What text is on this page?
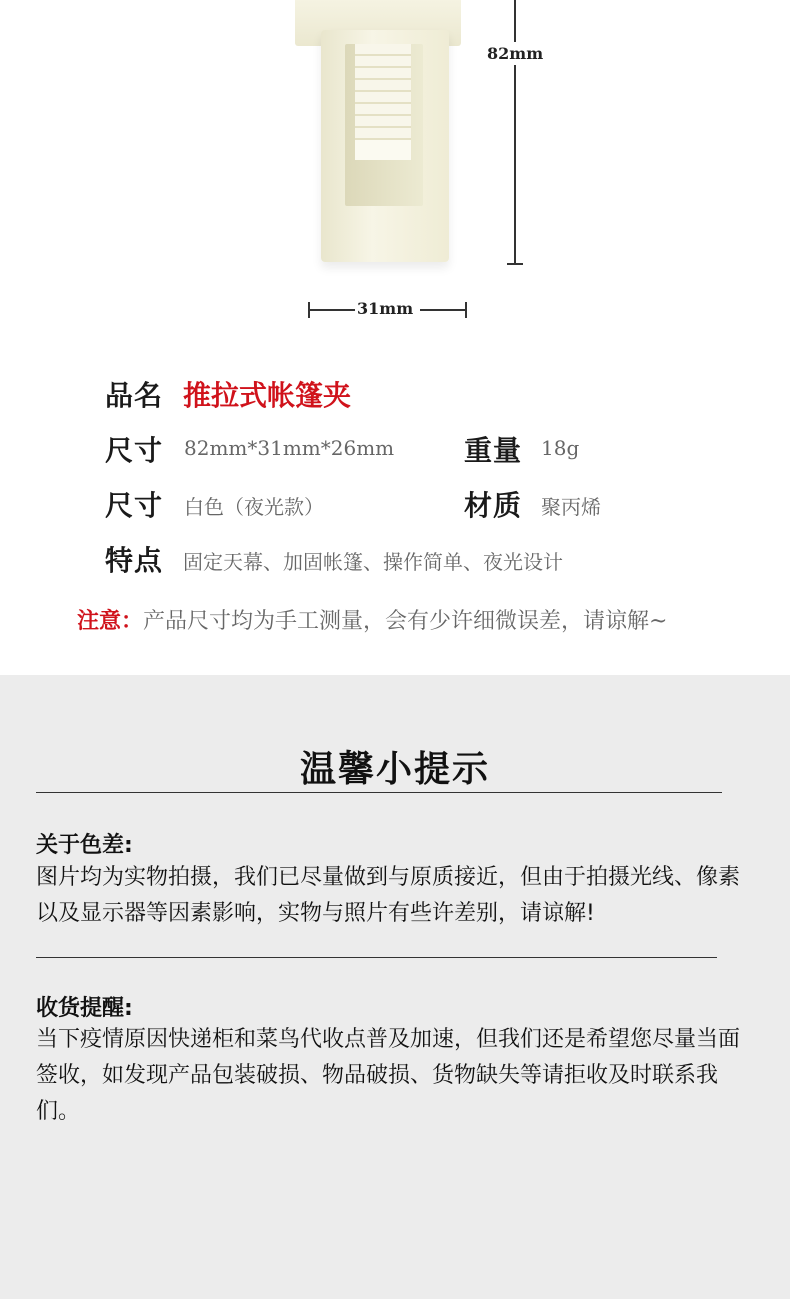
82mm
31mm
品名 推拉式帐篷夹
尺寸 82mm*31mm*26mm 重量 18g
尺寸 白色（夜光款）	材质 聚丙烯
特点 固定天幕、加固帐篷、操作简单、夜光设计
注意：产品尺寸均为手工测量，会有少许细微误差，请谅解~
温馨小提示
关于色差:
图片均为实物拍摄，我们已尽量做到与原质接近，但由于拍摄光线、像素以及显示器等因素影响，实物与照片有些许差别，请谅解!
收货提醒:
当下疫情原因快递柜和菜鸟代收点普及加速，但我们还是希望您尽量当面签收，如发现产品包装破损、物品破损、货物缺失等请拒收及时联系我们。
